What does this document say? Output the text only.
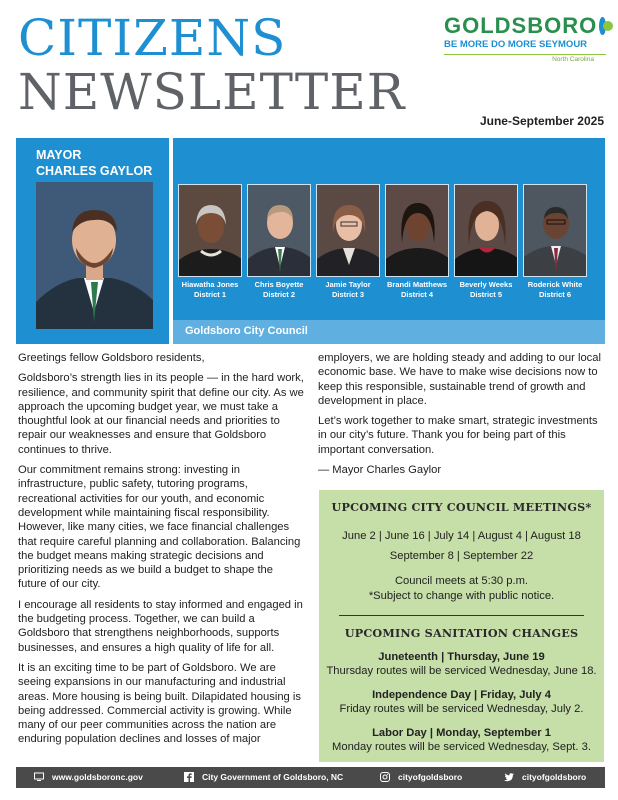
CITIZENS
NEWSLETTER
GOLDSBORO
BE MORE DO MORE SEYMOUR
North Carolina
June-September 2025
MAYOR
CHARLES GAYLOR
Hiawatha Jones
District 1
Chris Boyette
District 2
Jamie Taylor
District 3
Brandi Matthews
District 4
Beverly Weeks
District 5
Roderick White
District 6
Goldsboro City Council

Greetings fellow Goldsboro residents,

Goldsboro’s strength lies in its people — in the hard work, resilience, and community spirit that define our city. As we approach the upcoming budget year, we must take a thoughtful look at our financial needs and priorities to repair our weaknesses and ensure that Goldsboro continues to thrive.

Our commitment remains strong: investing in infrastructure, public safety, tutoring programs, recreational activities for our youth, and economic development while maintaining fiscal responsibility. However, like many cities, we face financial challenges that require careful planning and collaboration. Balancing the budget means making strategic decisions and prioritizing needs as we build a budget to shape the future of our city.

I encourage all residents to stay informed and engaged in the budgeting process. Together, we can build a Goldsboro that strengthens neighborhoods, supports businesses, and ensures a high quality of life for all.

It is an exciting time to be part of Goldsboro. We are seeing expansions in our manufacturing and industrial areas. More housing is being built. Dilapidated housing is being addressed. Commercial activity is growing. While many of our peer communities across the nation are enduring population declines and losses of major

employers, we are holding steady and adding to our local economic base. We have to make wise decisions now to keep this responsible, sustainable trend of growth and development in place.

Let’s work together to make smart, strategic investments in our city’s future. Thank you for being part of this important conversation.

— Mayor Charles Gaylor

UPCOMING CITY COUNCIL MEETINGS*
June 2 | June 16 | July 14 | August 4 | August 18
September 8 | September 22
Council meets at 5:30 p.m.
*Subject to change with public notice.
UPCOMING SANITATION CHANGES
Juneteenth | Thursday, June 19
Thursday routes will be serviced Wednesday, June 18.
Independence Day | Friday, July 4
Friday routes will be serviced Wednesday, July 2.
Labor Day | Monday, September 1
Monday routes will be serviced Wednesday, Sept. 3.
www.goldsboronc.gov	City Government of Goldsboro, NC	cityofgoldsboro	cityofgoldsboro
